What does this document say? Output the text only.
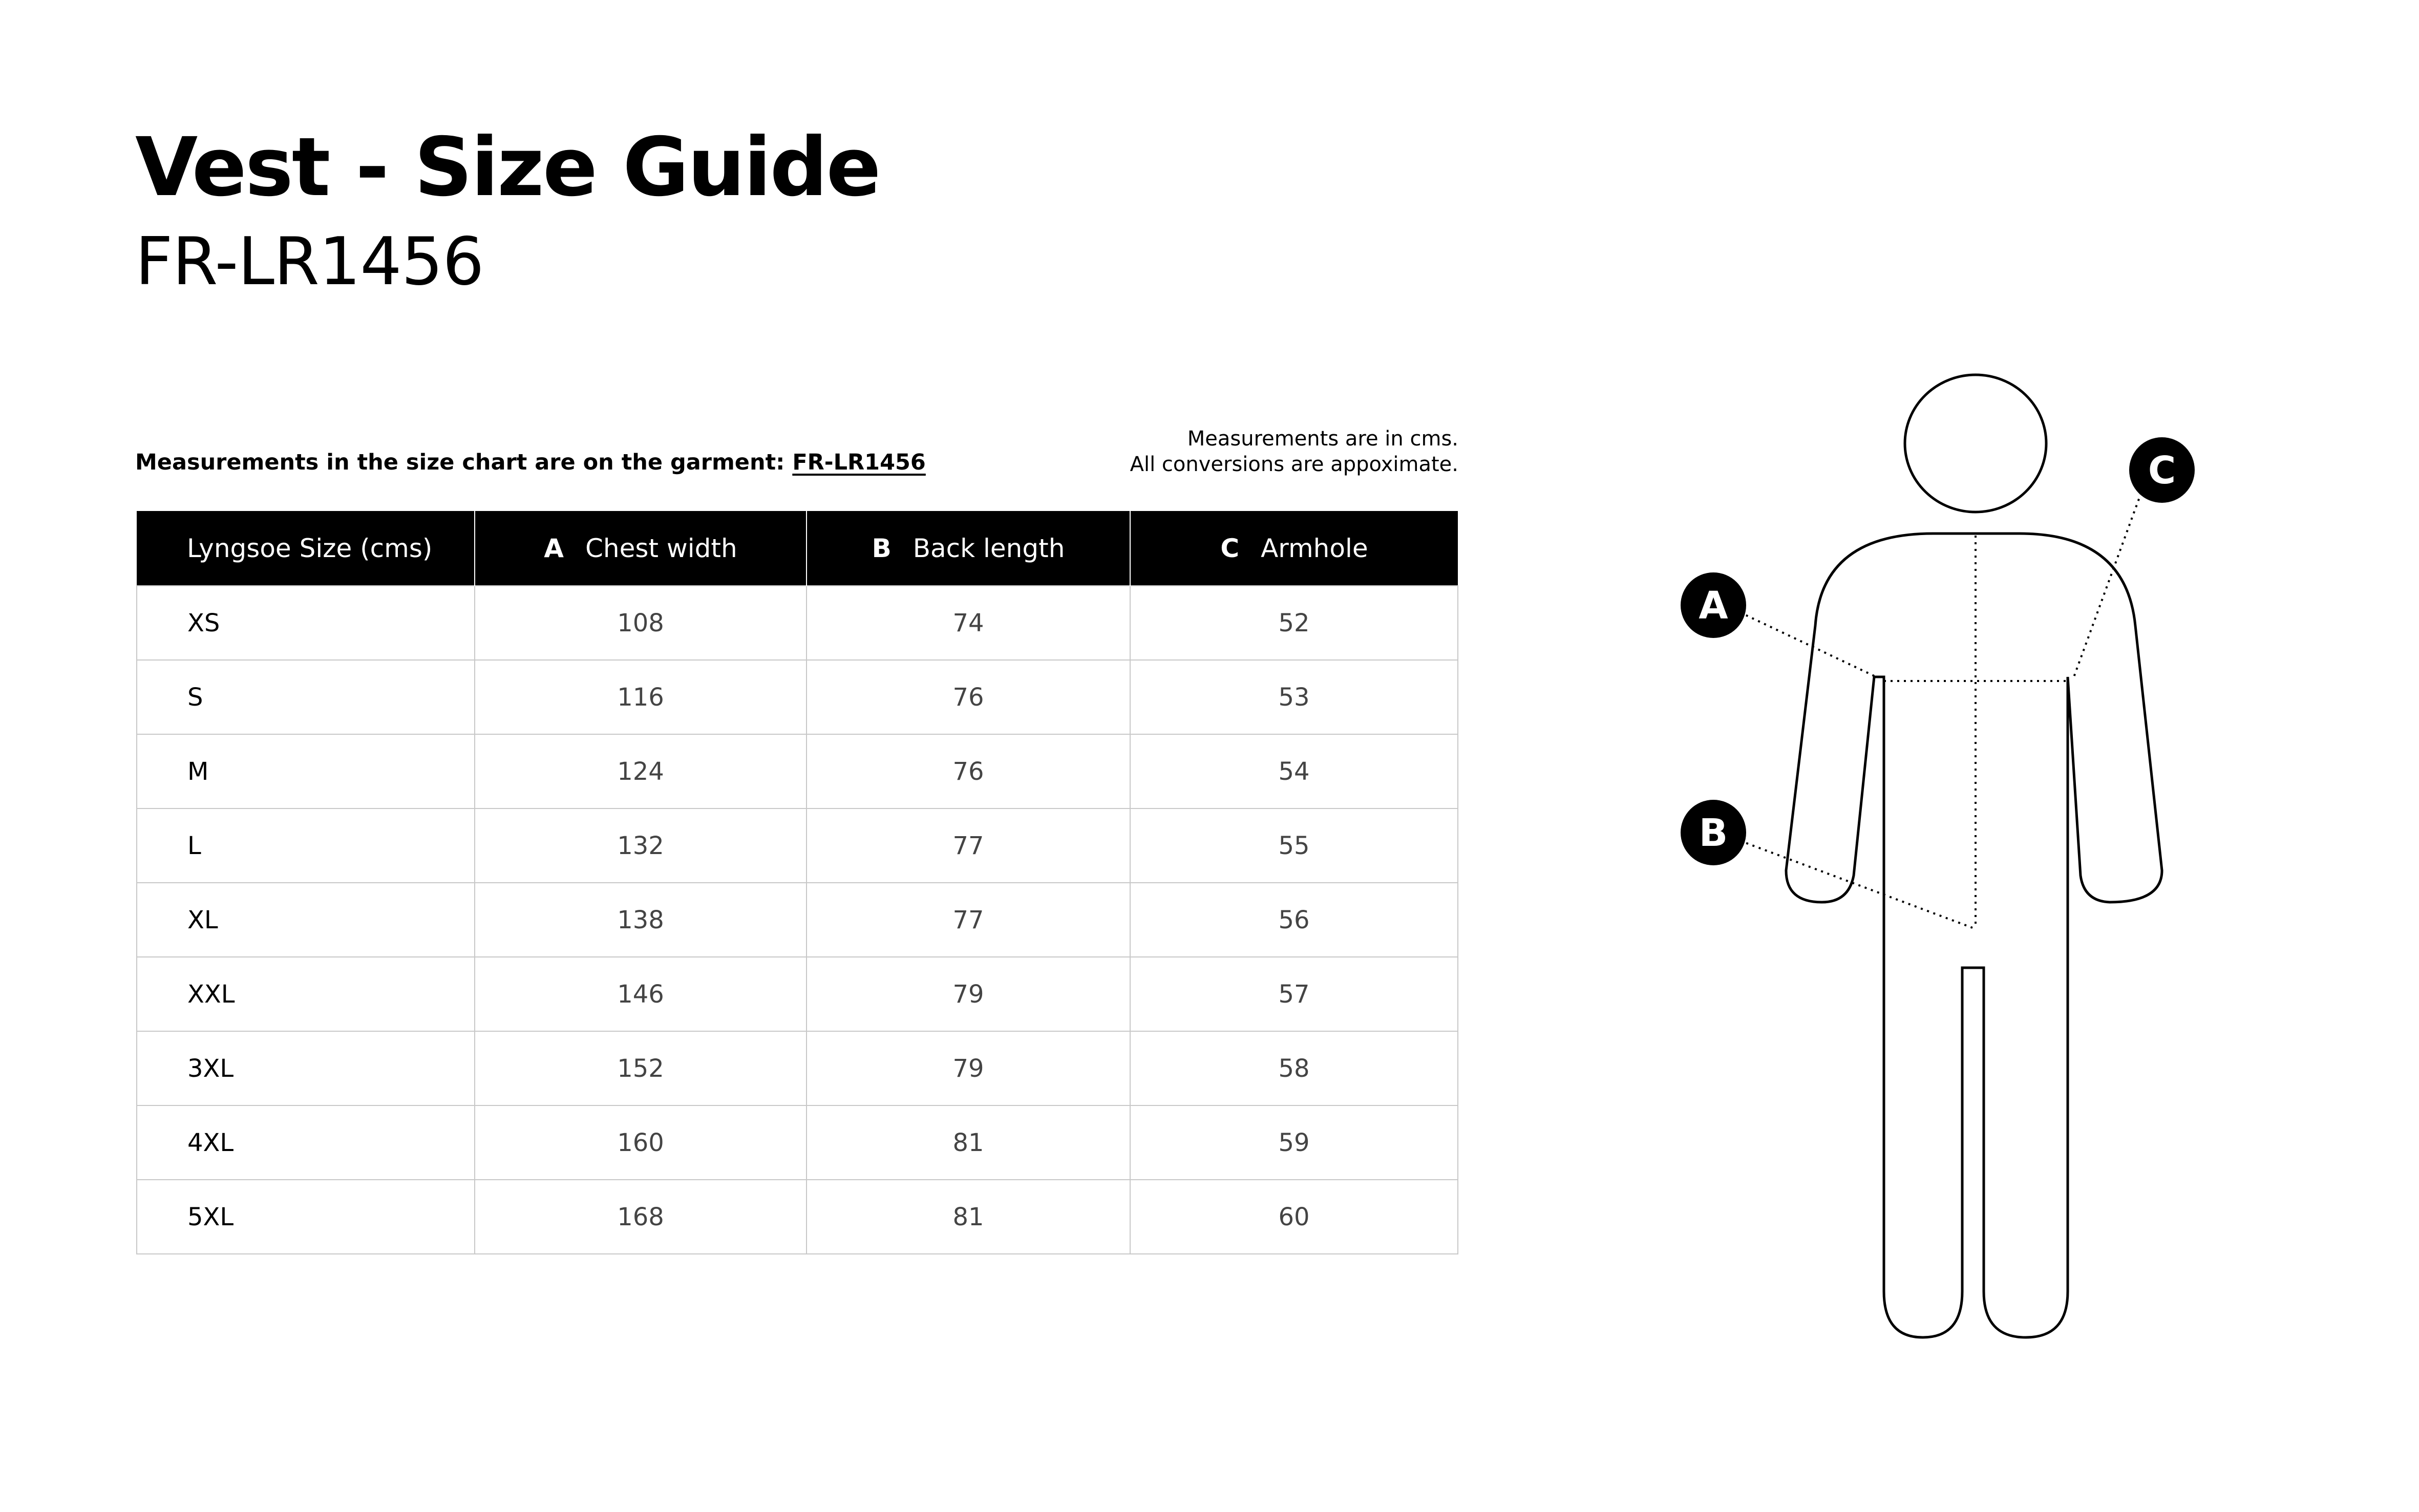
Vest - Size Guide
FR-LR1456
Measurements in the size chart are on the garment: FR-LR1456
Measurements are in cms.
All conversions are appoximate.
Lyngsoe Size (cms)	A Chest width	B Back length	C Armhole
XS	108	74	52
S	116	76	53
M	124	76	54
L	132	77	55
XL	138	77	56
XXL	146	79	57
3XL	152	79	58
4XL	160	81	59
5XL	168	81	60
A
B
C
